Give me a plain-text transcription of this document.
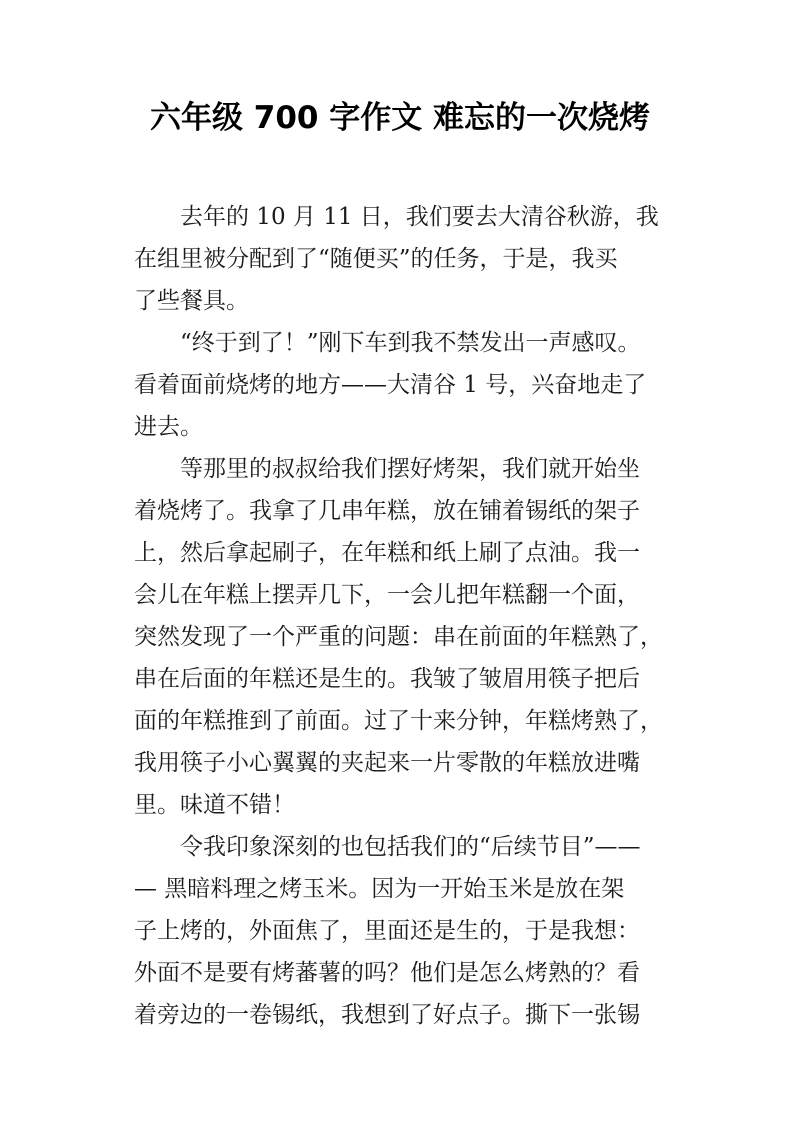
六年级 700 字作文 难忘的一次烧烤
去年的 10 月 11 日，我们要去大清谷秋游，我
在组里被分配到了“随便买”的任务，于是，我买
了些餐具。
“终于到了！”刚下车到我不禁发出一声感叹。
看着面前烧烤的地方——大清谷 1 号，兴奋地走了
进去。
等那里的叔叔给我们摆好烤架，我们就开始坐
着烧烤了。我拿了几串年糕，放在铺着锡纸的架子
上，然后拿起刷子，在年糕和纸上刷了点油。我一
会儿在年糕上摆弄几下，一会儿把年糕翻一个面，
突然发现了一个严重的问题：串在前面的年糕熟了，
串在后面的年糕还是生的。我皱了皱眉用筷子把后
面的年糕推到了前面。过了十来分钟，年糕烤熟了，
我用筷子小心翼翼的夹起来一片零散的年糕放进嘴
里。味道不错！
令我印象深刻的也包括我们的“后续节目”——
— 黑暗料理之烤玉米。因为一开始玉米是放在架
子上烤的，外面焦了，里面还是生的，于是我想：
外面不是要有烤蕃薯的吗？他们是怎么烤熟的？看
着旁边的一卷锡纸，我想到了好点子。撕下一张锡
